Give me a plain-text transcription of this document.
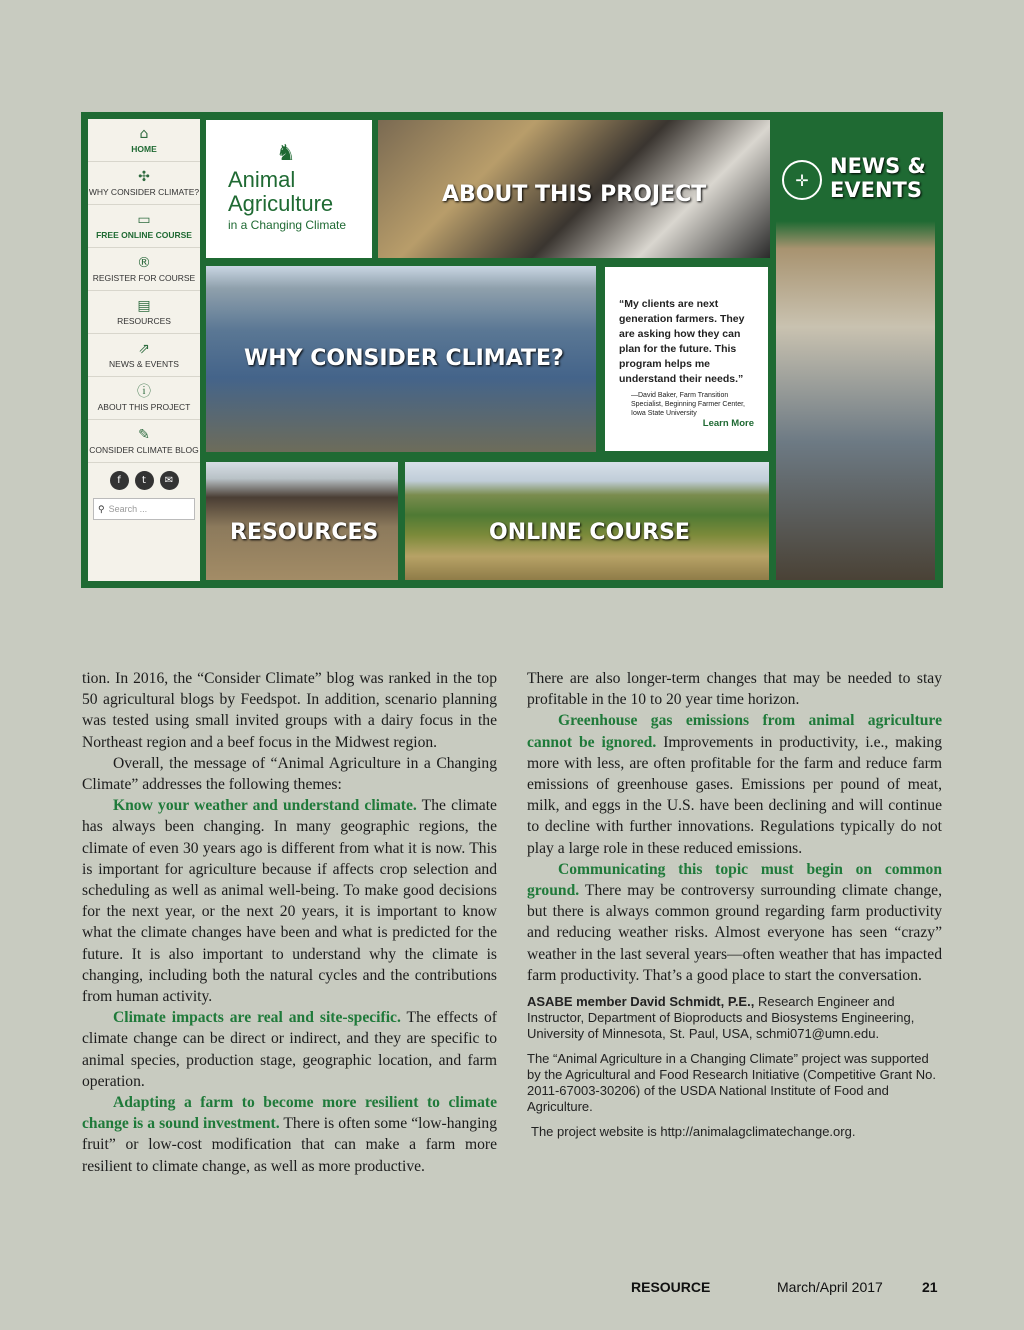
⌂
HOME
✣
WHY CONSIDER CLIMATE?
▭
FREE ONLINE COURSE
®
REGISTER FOR COURSE
▤
RESOURCES
⇗
NEWS & EVENTS
ⓘ
ABOUT THIS PROJECT
✎
CONSIDER CLIMATE BLOG
f	t	✉
⚲ Search ...
♞
Animal
Agriculture
in a Changing Climate
ABOUT THIS PROJECT
✛
NEWS & EVENTS
WHY CONSIDER CLIMATE?
“My clients are next generation farmers. They are asking how they can plan for the future. This program helps me understand their needs.”
—David Baker, Farm Transition Specialist, Beginning Farmer Center, Iowa State University
Learn More
RESOURCES	ONLINE COURSE

tion. In 2016, the “Consider Climate” blog was ranked in the top 50 agricultural blogs by Feedspot. In addition, scenario planning was tested using small invited groups with a dairy focus in the Northeast region and a beef focus in the Midwest region.

Overall, the message of “Animal Agriculture in a Changing Climate” addresses the following themes:

Know your weather and understand climate. The climate has always been changing. In many geographic regions, the climate of even 30 years ago is different from what it is now. This is important for agriculture because if affects crop selection and scheduling as well as animal well-being. To make good decisions for the next year, or the next 20 years, it is important to know what the climate changes have been and what is predicted for the future. It is also important to understand why the climate is changing, including both the natural cycles and the contributions from human activity.

Climate impacts are real and site-specific. The effects of climate change can be direct or indirect, and they are specific to animal species, production stage, geographic location, and farm operation.

Adapting a farm to become more resilient to climate change is a sound investment. There is often some “low-hanging fruit” or low-cost modification that can make a farm more resilient to climate change, as well as more productive.

There are also longer-term changes that may be needed to stay profitable in the 10 to 20 year time horizon.

Greenhouse gas emissions from animal agriculture cannot be ignored. Improvements in productivity, i.e., making more with less, are often profitable for the farm and reduce farm emissions of greenhouse gases. Emissions per pound of meat, milk, and eggs in the U.S. have been declining and will continue to decline with further innovations. Regulations typically do not play a large role in these reduced emissions.

Communicating this topic must begin on common ground. There may be controversy surrounding climate change, but there is always common ground regarding farm productivity and reducing weather risks. Almost everyone has seen “crazy” weather in the last several years—often weather that has impacted farm productivity. That’s a good place to start the conversation.

ASABE member David Schmidt, P.E., Research Engineer and Instructor, Department of Bioproducts and Biosystems Engineering, University of Minnesota, St. Paul, USA, schmi071@umn.edu.

The “Animal Agriculture in a Changing Climate” project was supported by the Agricultural and Food Research Initiative (Competitive Grant No. 2011-67003-30206) of the USDA National Institute of Food and Agriculture.

The project website is http://animalagclimatechange.org.

RESOURCE	March/April 2017	21
